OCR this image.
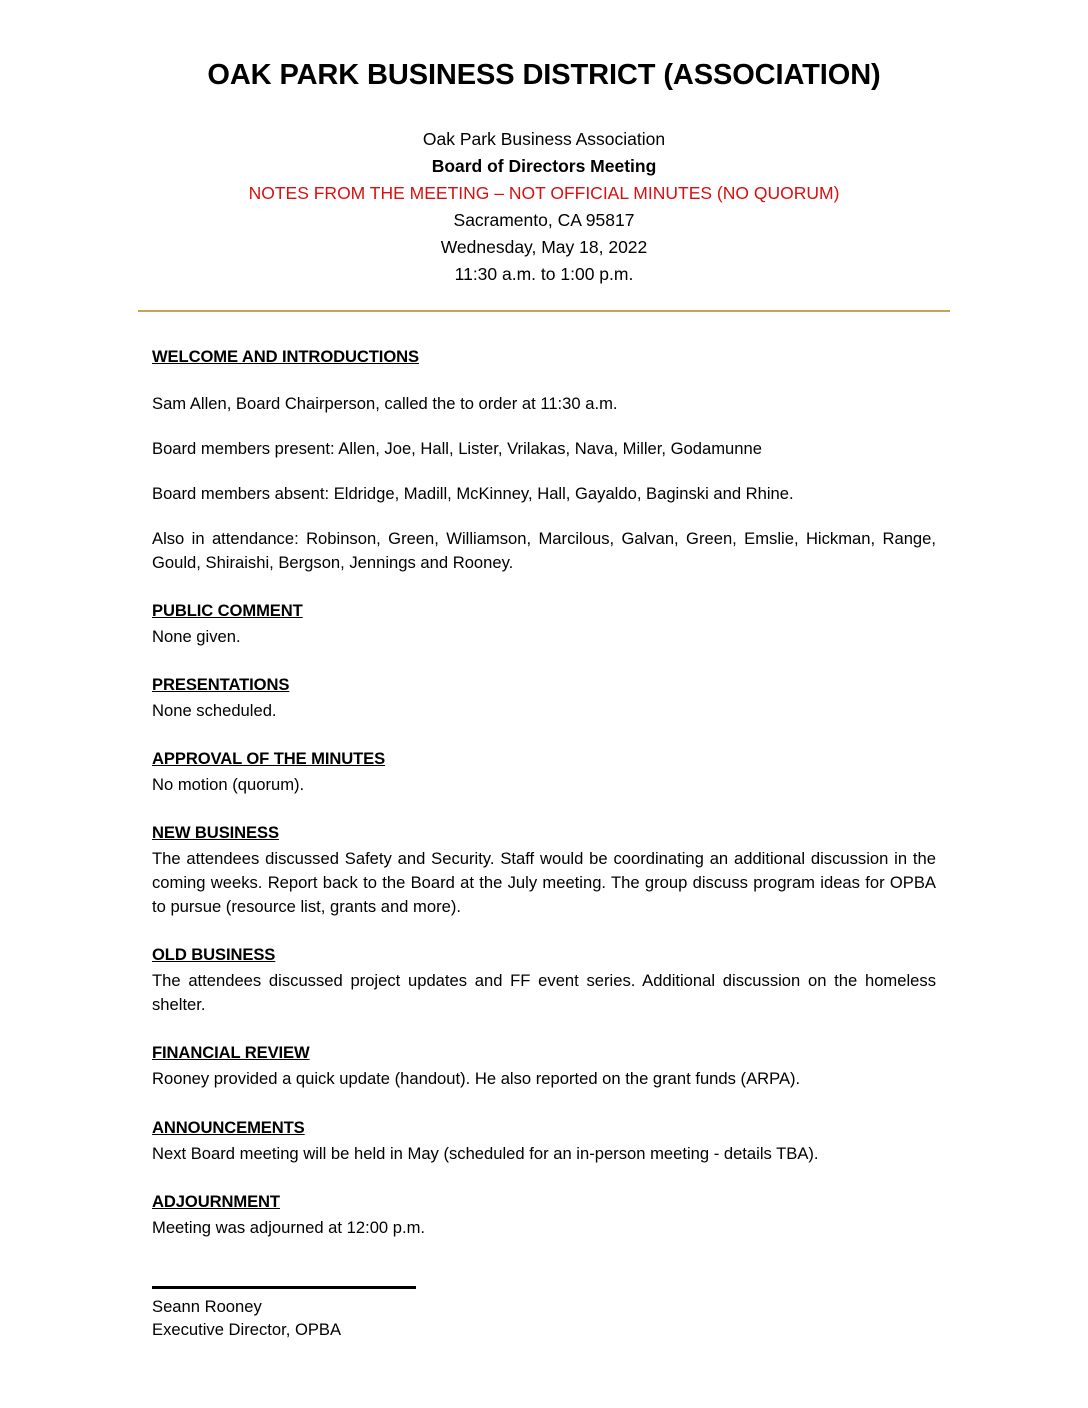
OAK PARK BUSINESS DISTRICT (ASSOCIATION)
Oak Park Business Association
Board of Directors Meeting
NOTES FROM THE MEETING – NOT OFFICIAL MINUTES (NO QUORUM)
Sacramento, CA 95817
Wednesday, May 18, 2022
11:30 a.m. to 1:00 p.m.
WELCOME AND INTRODUCTIONS

Sam Allen, Board Chairperson, called the to order at 11:30 a.m.

Board members present: Allen, Joe, Hall, Lister, Vrilakas, Nava, Miller, Godamunne

Board members absent: Eldridge, Madill, McKinney, Hall, Gayaldo, Baginski and Rhine.

Also in attendance: Robinson, Green, Williamson, Marcilous, Galvan, Green, Emslie, Hickman, Range, Gould, Shiraishi, Bergson, Jennings and Rooney.

PUBLIC COMMENT

None given.

PRESENTATIONS

None scheduled.

APPROVAL OF THE MINUTES

No motion (quorum).

NEW BUSINESS

The attendees discussed Safety and Security. Staff would be coordinating an additional discussion in the coming weeks. Report back to the Board at the July meeting. The group discuss program ideas for OPBA to pursue (resource list, grants and more).

OLD BUSINESS

The attendees discussed project updates and FF event series. Additional discussion on the homeless shelter.

FINANCIAL REVIEW

Rooney provided a quick update (handout). He also reported on the grant funds (ARPA).

ANNOUNCEMENTS

Next Board meeting will be held in May (scheduled for an in-person meeting - details TBA).

ADJOURNMENT

Meeting was adjourned at 12:00 p.m.

Seann Rooney

Executive Director, OPBA
